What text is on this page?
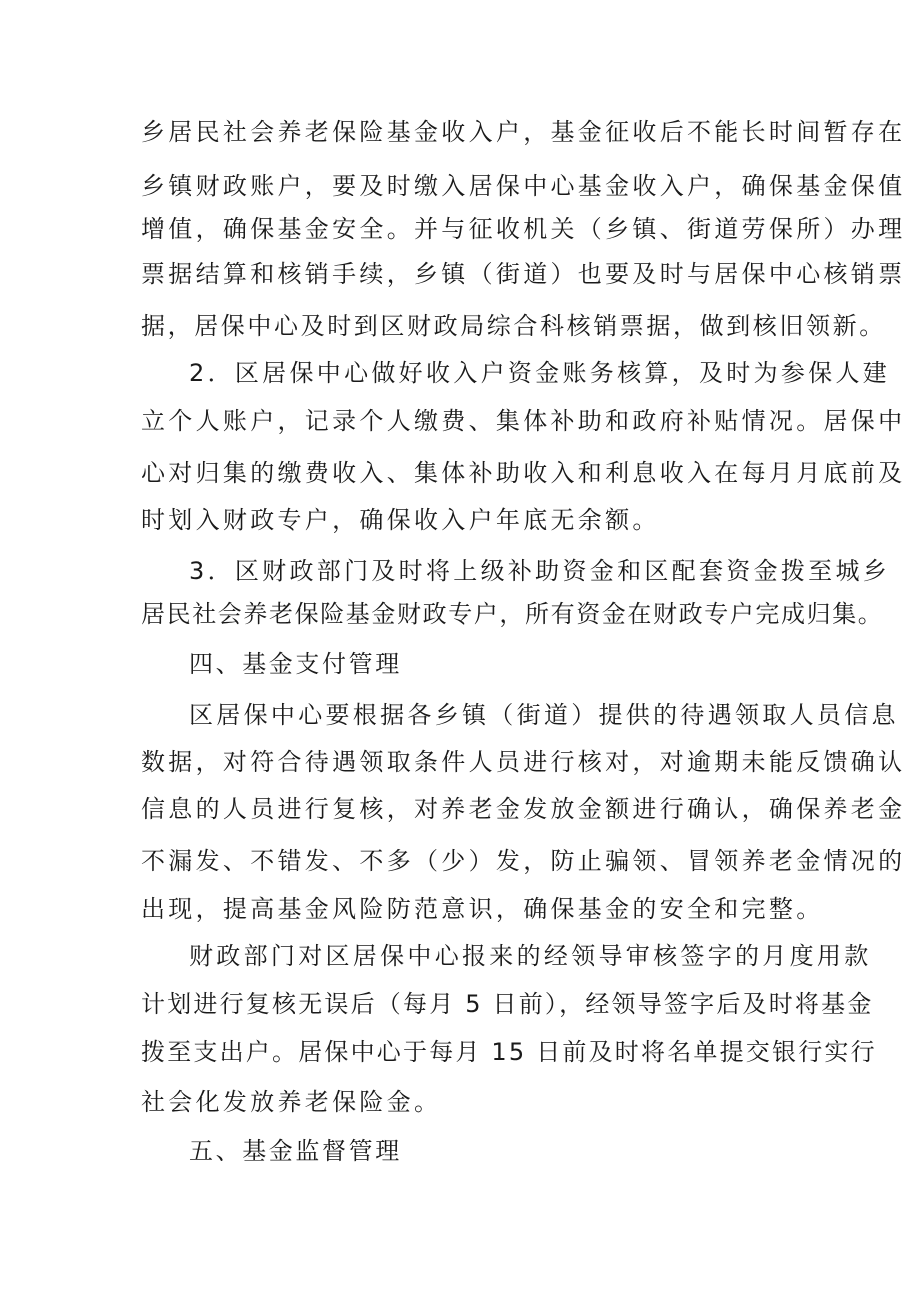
乡居民社会养老保险基金收入户，基金征收后不能长时间暂存在
乡镇财政账户，要及时缴入居保中心基金收入户，确保基金保值
增值，确保基金安全。并与征收机关（乡镇、街道劳保所）办理
票据结算和核销手续，乡镇（街道）也要及时与居保中心核销票
据，居保中心及时到区财政局综合科核销票据，做到核旧领新。
2．区居保中心做好收入户资金账务核算，及时为参保人建
立个人账户，记录个人缴费、集体补助和政府补贴情况。居保中
心对归集的缴费收入、集体补助收入和利息收入在每月月底前及
时划入财政专户，确保收入户年底无余额。
3．区财政部门及时将上级补助资金和区配套资金拨至城乡
居民社会养老保险基金财政专户，所有资金在财政专户完成归集。
四、基金支付管理
区居保中心要根据各乡镇（街道）提供的待遇领取人员信息
数据，对符合待遇领取条件人员进行核对，对逾期未能反馈确认
信息的人员进行复核，对养老金发放金额进行确认，确保养老金
不漏发、不错发、不多（少）发，防止骗领、冒领养老金情况的
出现，提高基金风险防范意识，确保基金的安全和完整。
财政部门对区居保中心报来的经领导审核签字的月度用款
计划进行复核无误后（每月 5 日前），经领导签字后及时将基金
拨至支出户。居保中心于每月 15 日前及时将名单提交银行实行
社会化发放养老保险金。
五、基金监督管理
